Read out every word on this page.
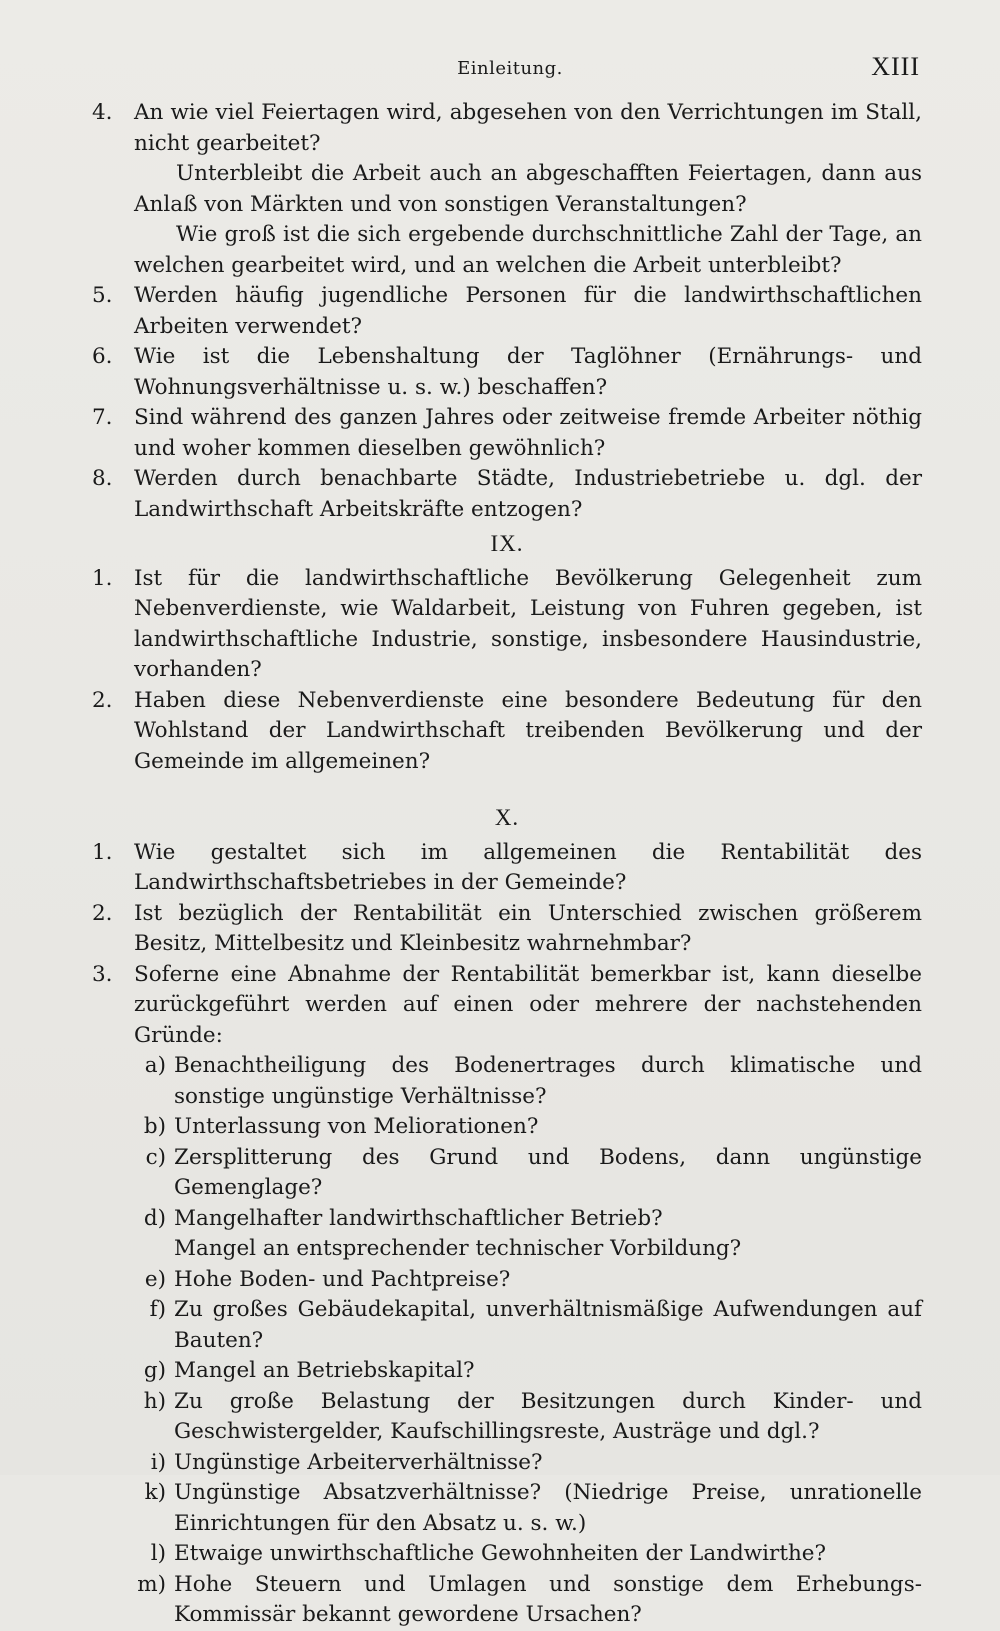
Einleitung.	XIII
4. An wie viel Feiertagen wird, abgesehen von den Verrichtungen im Stall, nicht gearbeitet?
Unterbleibt die Arbeit auch an abgeschafften Feiertagen, dann aus Anlaß von Märkten und von sonstigen Veranstaltungen?
Wie groß ist die sich ergebende durchschnittliche Zahl der Tage, an welchen gearbeitet wird, und an welchen die Arbeit unterbleibt?
5. Werden häufig jugendliche Personen für die landwirthschaftlichen Arbeiten verwendet?
6. Wie ist die Lebenshaltung der Taglöhner (Ernährungs- und Wohnungsverhältnisse u. s. w.) beschaffen?
7. Sind während des ganzen Jahres oder zeitweise fremde Arbeiter nöthig und woher kommen dieselben gewöhnlich?
8. Werden durch benachbarte Städte, Industriebetriebe u. dgl. der Landwirthschaft Arbeitskräfte entzogen?
IX.
1. Ist für die landwirthschaftliche Bevölkerung Gelegenheit zum Nebenverdienste, wie Waldarbeit, Leistung von Fuhren gegeben, ist landwirthschaftliche Industrie, sonstige, insbesondere Hausindustrie, vorhanden?
2. Haben diese Nebenverdienste eine besondere Bedeutung für den Wohlstand der Landwirthschaft treibenden Bevölkerung und der Gemeinde im allgemeinen?
X.
1. Wie gestaltet sich im allgemeinen die Rentabilität des Landwirthschaftsbetriebes in der Gemeinde?
2. Ist bezüglich der Rentabilität ein Unterschied zwischen größerem Besitz, Mittelbesitz und Kleinbesitz wahrnehmbar?
3. Soferne eine Abnahme der Rentabilität bemerkbar ist, kann dieselbe zurückgeführt werden auf einen oder mehrere der nachstehenden Gründe:
a) Benachtheiligung des Bodenertrages durch klimatische und sonstige ungünstige Verhältnisse?
b) Unterlassung von Meliorationen?
c) Zersplitterung des Grund und Bodens, dann ungünstige Gemenglage?
d) Mangelhafter landwirthschaftlicher Betrieb?
Mangel an entsprechender technischer Vorbildung?
e) Hohe Boden- und Pachtpreise?
f) Zu großes Gebäudekapital, unverhältnismäßige Aufwendungen auf Bauten?
g) Mangel an Betriebskapital?
h) Zu große Belastung der Besitzungen durch Kinder- und Geschwistergelder, Kaufschillingsreste, Austräge und dgl.?
i) Ungünstige Arbeiterverhältnisse?
k) Ungünstige Absatzverhältnisse? (Niedrige Preise, unrationelle Einrichtungen für den Absatz u. s. w.)
l) Etwaige unwirthschaftliche Gewohnheiten der Landwirthe?
m) Hohe Steuern und Umlagen und sonstige dem Erhebungs-Kommissär bekannt gewordene Ursachen?
